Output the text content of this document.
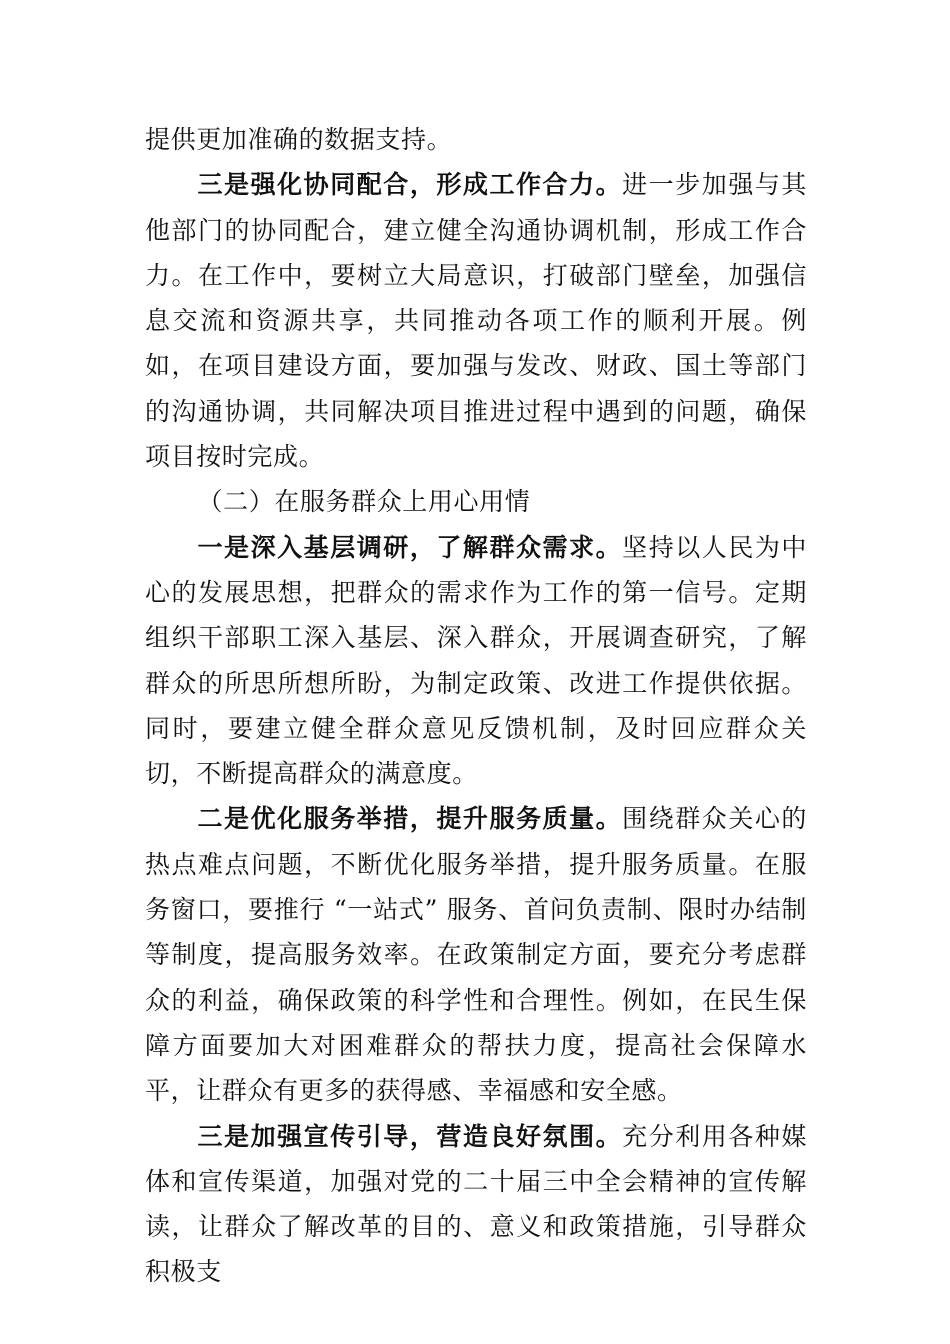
提供更加准确的数据支持。

三是强化协同配合，形成工作合力。进一步加强与其他部门的协同配合，建立健全沟通协调机制，形成工作合力。在工作中，要树立大局意识，打破部门壁垒，加强信息交流和资源共享，共同推动各项工作的顺利开展。例如，在项目建设方面，要加强与发改、财政、国土等部门的沟通协调，共同解决项目推进过程中遇到的问题，确保项目按时完成。

（二）在服务群众上用心用情

一是深入基层调研，了解群众需求。坚持以人民为中心的发展思想，把群众的需求作为工作的第一信号。定期组织干部职工深入基层、深入群众，开展调查研究，了解群众的所思所想所盼，为制定政策、改进工作提供依据。同时，要建立健全群众意见反馈机制，及时回应群众关切，不断提高群众的满意度。

二是优化服务举措，提升服务质量。围绕群众关心的热点难点问题，不断优化服务举措，提升服务质量。在服务窗口，要推行 “一站式” 服务、首问负责制、限时办结制等制度，提高服务效率。在政策制定方面，要充分考虑群众的利益，确保政策的科学性和合理性。例如，在民生保障方面要加大对困难群众的帮扶力度，提高社会保障水平，让群众有更多的获得感、幸福感和安全感。

三是加强宣传引导，营造良好氛围。充分利用各种媒体和宣传渠道，加强对党的二十届三中全会精神的宣传解读，让群众了解改革的目的、意义和政策措施，引导群众积极支
